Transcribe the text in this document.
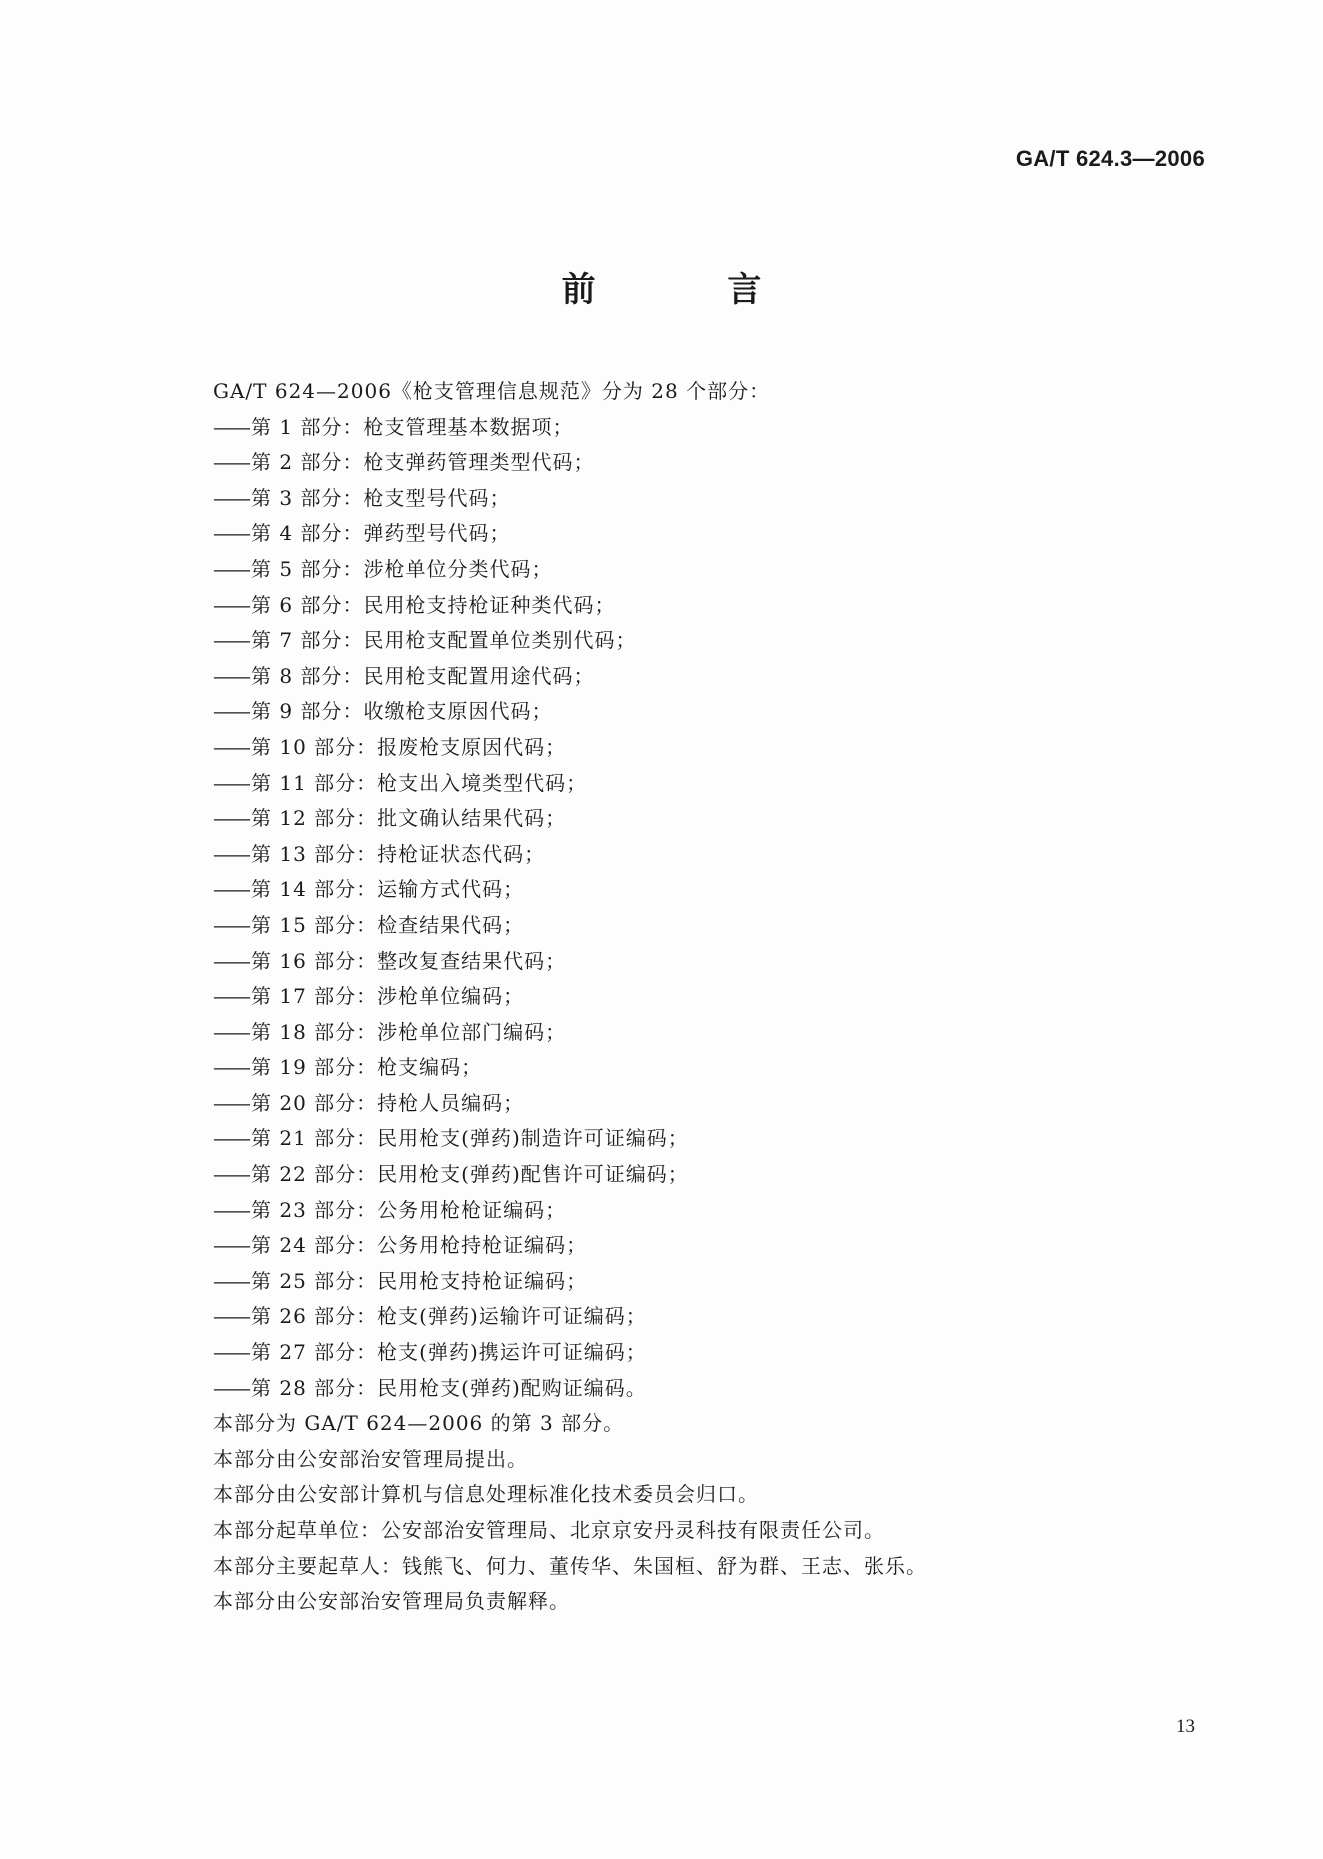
GA/T 624.3—2006
前 言
GA/T 624—2006《枪支管理信息规范》分为 28 个部分：
—— 第 1 部分：枪支管理基本数据项；
—— 第 2 部分：枪支弹药管理类型代码；
—— 第 3 部分：枪支型号代码；
—— 第 4 部分：弹药型号代码；
—— 第 5 部分：涉枪单位分类代码；
—— 第 6 部分：民用枪支持枪证种类代码；
—— 第 7 部分：民用枪支配置单位类别代码；
—— 第 8 部分：民用枪支配置用途代码；
—— 第 9 部分：收缴枪支原因代码；
—— 第 10 部分：报废枪支原因代码；
—— 第 11 部分：枪支出入境类型代码；
—— 第 12 部分：批文确认结果代码；
—— 第 13 部分：持枪证状态代码；
—— 第 14 部分：运输方式代码；
—— 第 15 部分：检查结果代码；
—— 第 16 部分：整改复查结果代码；
—— 第 17 部分：涉枪单位编码；
—— 第 18 部分：涉枪单位部门编码；
—— 第 19 部分：枪支编码；
—— 第 20 部分：持枪人员编码；
—— 第 21 部分：民用枪支(弹药)制造许可证编码；
—— 第 22 部分：民用枪支(弹药)配售许可证编码；
—— 第 23 部分：公务用枪枪证编码；
—— 第 24 部分：公务用枪持枪证编码；
—— 第 25 部分：民用枪支持枪证编码；
—— 第 26 部分：枪支(弹药)运输许可证编码；
—— 第 27 部分：枪支(弹药)携运许可证编码；
—— 第 28 部分：民用枪支(弹药)配购证编码。
本部分为 GA/T 624—2006 的第 3 部分。
本部分由公安部治安管理局提出。
本部分由公安部计算机与信息处理标准化技术委员会归口。
本部分起草单位：公安部治安管理局、北京京安丹灵科技有限责任公司。
本部分主要起草人：钱熊飞、何力、董传华、朱国桓、舒为群、王志、张乐。
本部分由公安部治安管理局负责解释。
13
